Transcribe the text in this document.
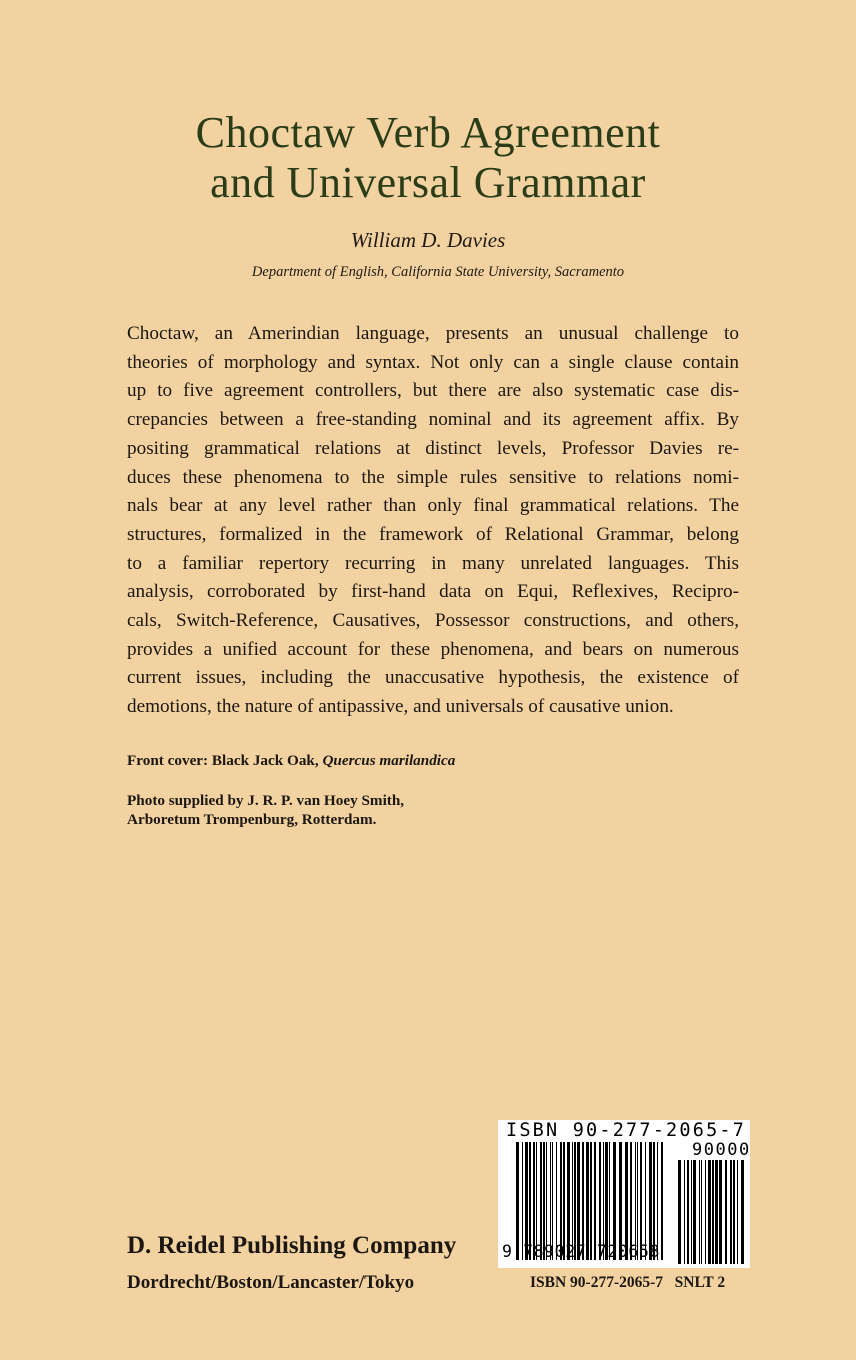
Choctaw Verb Agreement
and Universal Grammar
William D. Davies
Department of English, California State University, Sacramento
Choctaw, an Amerindian language, presents an unusual challenge to
theories of morphology and syntax. Not only can a single clause contain
up to five agreement controllers, but there are also systematic case dis-
crepancies between a free-standing nominal and its agreement affix. By
positing grammatical relations at distinct levels, Professor Davies re-
duces these phenomena to the simple rules sensitive to relations nomi-
nals bear at any level rather than only final grammatical relations. The
structures, formalized in the framework of Relational Grammar, belong
to a familiar repertory recurring in many unrelated languages. This
analysis, corroborated by first-hand data on Equi, Reflexives, Recipro-
cals, Switch-Reference, Causatives, Possessor constructions, and others,
provides a unified account for these phenomena, and bears on numerous
current issues, including the unaccusative hypothesis, the existence of
demotions, the nature of antipassive, and universals of causative union.
Front cover: Black Jack Oak, Quercus marilandica
Photo supplied by J. R. P. van Hoey Smith,
Arboretum Trompenburg, Rotterdam.
ISBN 90-277-2065-7
90000
9 789027 720658
D. Reidel Publishing Company
Dordrecht/Boston/Lancaster/Tokyo	ISBN 90-277-2065-7   SNLT 2
